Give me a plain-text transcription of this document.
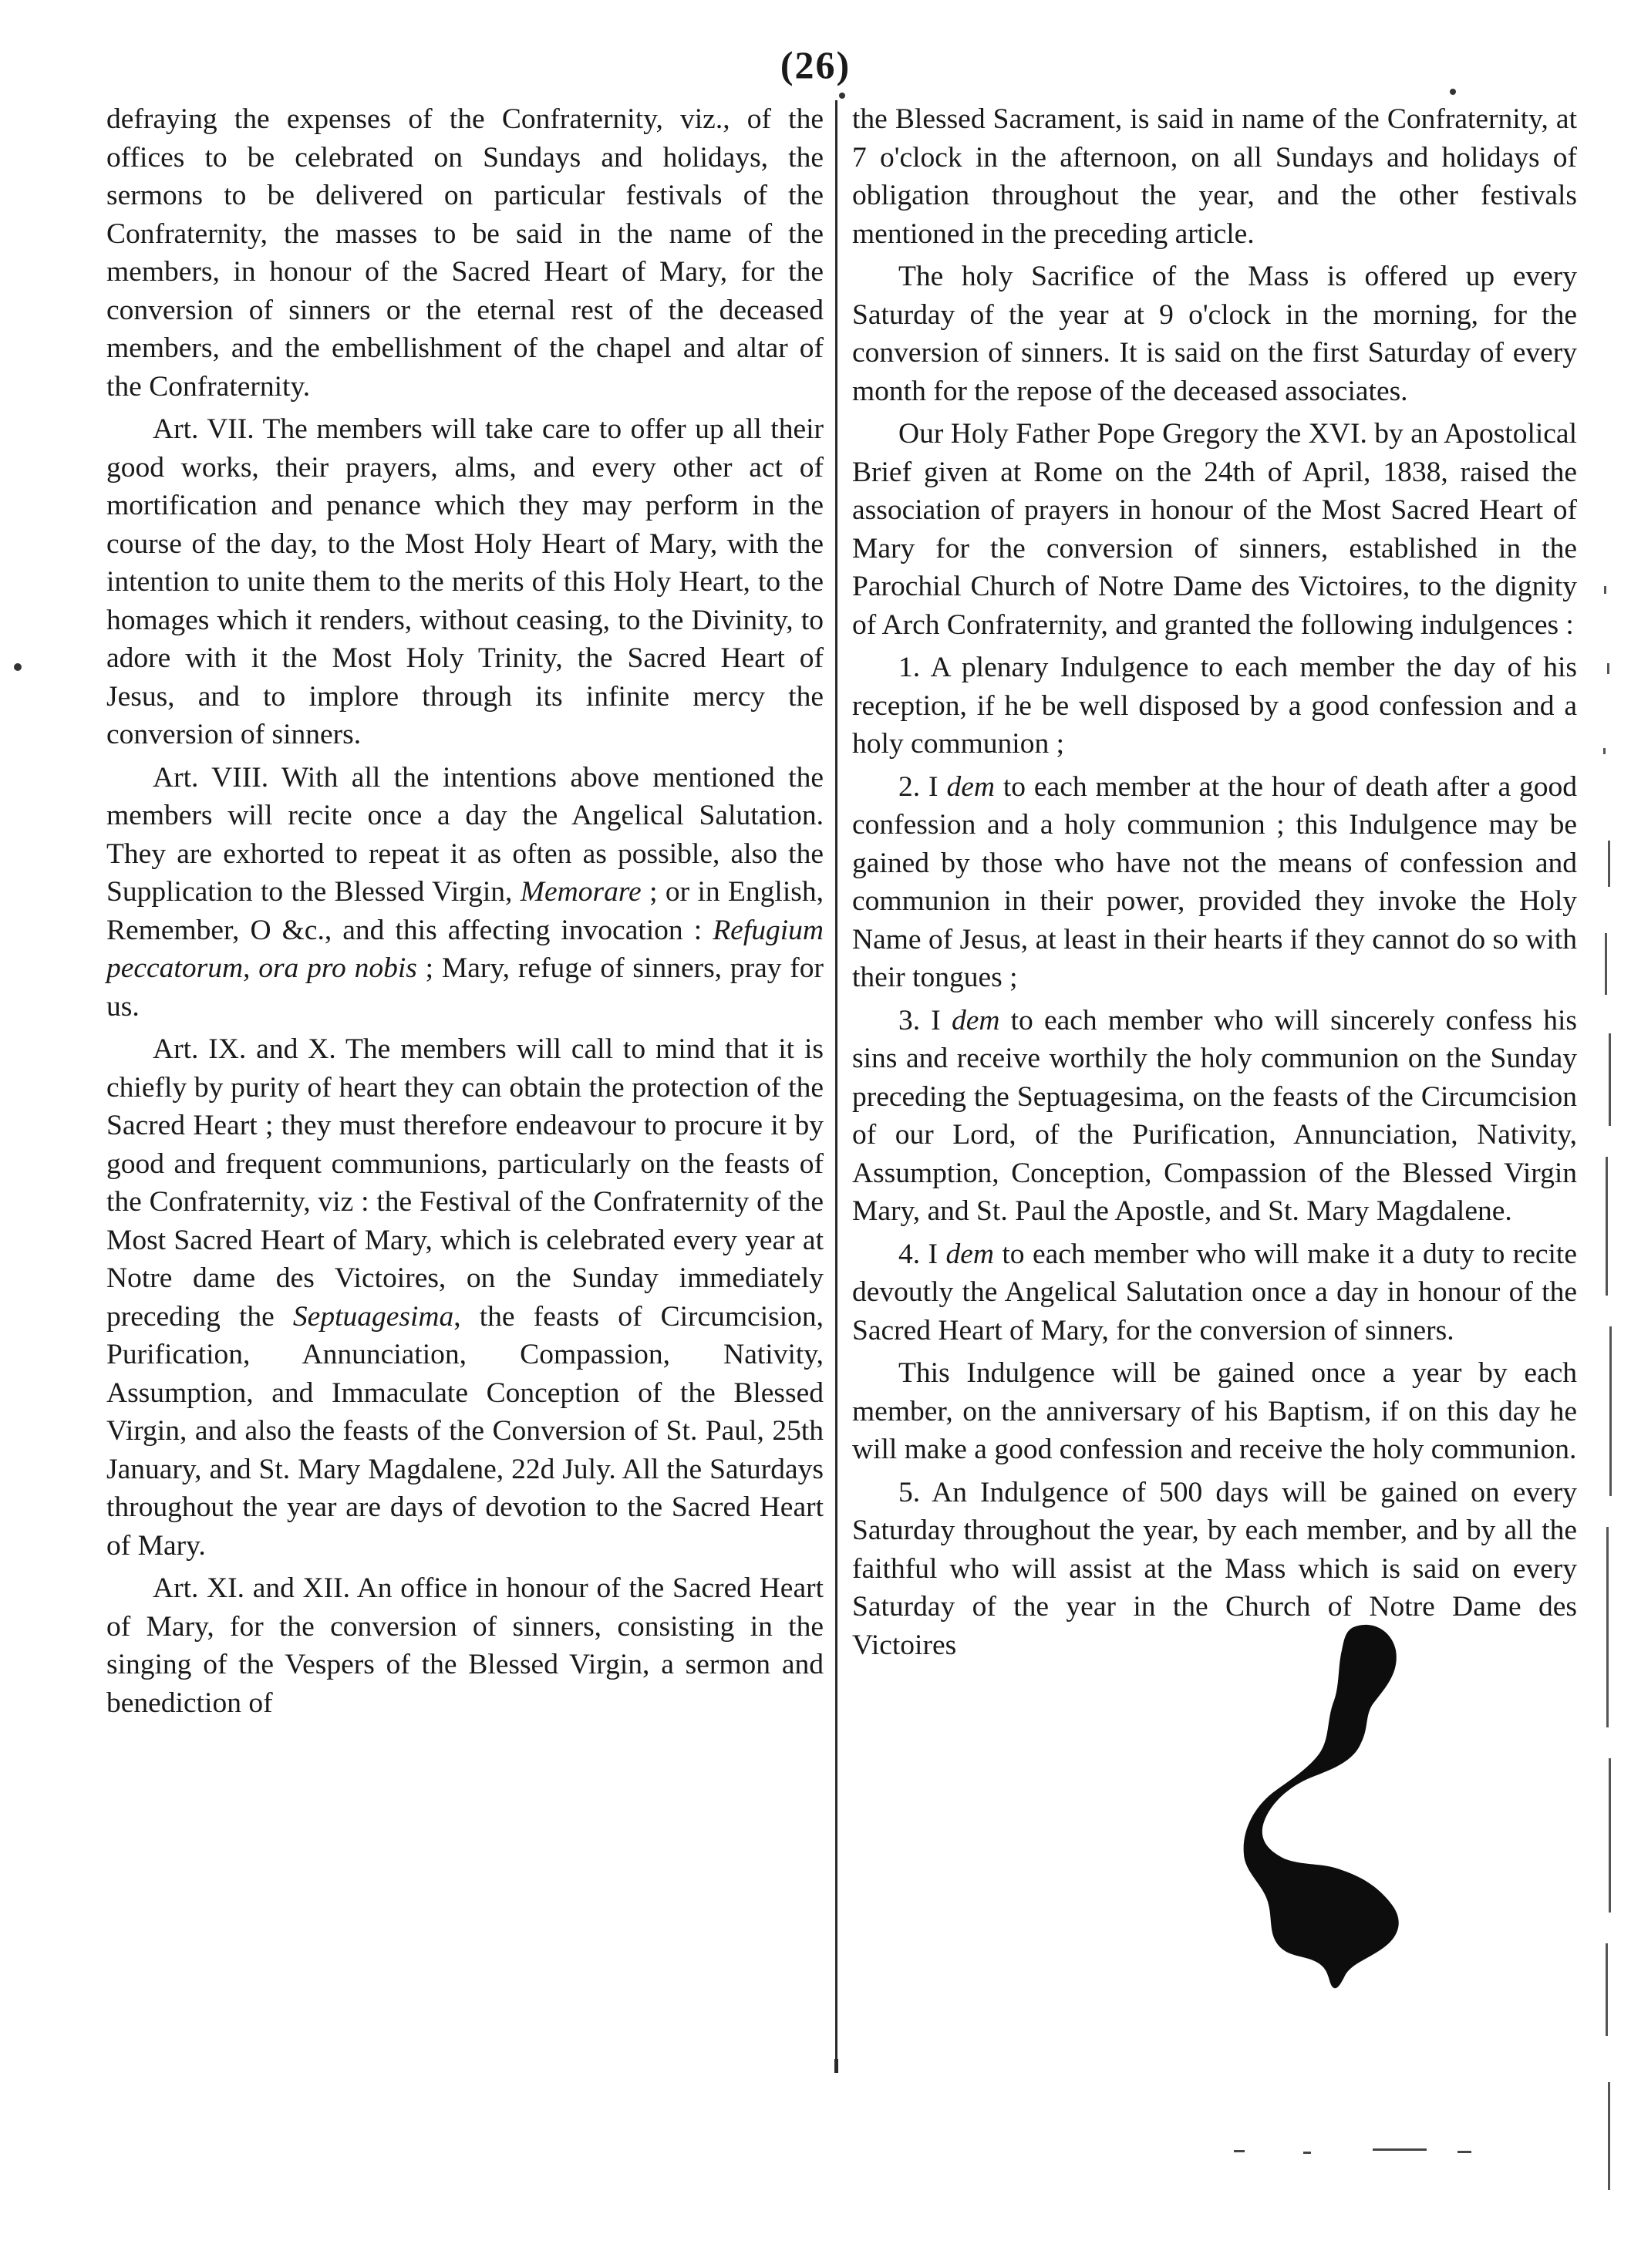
(26)

defraying the expenses of the Confraternity, viz., of the offices to be celebrated on Sundays and holidays, the sermons to be delivered on particular festivals of the Confraternity, the masses to be said in the name of the members, in honour of the Sacred Heart of Mary, for the conversion of sinners or the eternal rest of the deceased members, and the embellishment of the chapel and altar of the Confraternity.

Art. VII. The members will take care to offer up all their good works, their prayers, alms, and every other act of mortification and penance which they may perform in the course of the day, to the Most Holy Heart of Mary, with the intention to unite them to the merits of this Holy Heart, to the homages which it renders, without ceasing, to the Divinity, to adore with it the Most Holy Trinity, the Sacred Heart of Jesus, and to implore through its infinite mercy the conversion of sinners.

Art. VIII. With all the intentions above mentioned the members will recite once a day the Angelical Salutation. They are exhorted to repeat it as often as possible, also the Supplication to the Blessed Virgin, Memorare ; or in English, Remember, O &c., and this affecting invocation : Refugium peccatorum, ora pro nobis ; Mary, refuge of sinners, pray for us.

Art. IX. and X. The members will call to mind that it is chiefly by purity of heart they can obtain the protection of the Sacred Heart ; they must therefore endeavour to procure it by good and frequent communions, particularly on the feasts of the Confraternity, viz : the Festival of the Confraternity of the Most Sacred Heart of Mary, which is celebrated every year at Notre dame des Victoires, on the Sunday immediately preceding the Septuagesima, the feasts of Circumcision, Purification, Annunciation, Compassion, Nativity, Assumption, and Immaculate Conception of the Blessed Virgin, and also the feasts of the Conversion of St. Paul, 25th January, and St. Mary Magdalene, 22d July. All the Saturdays throughout the year are days of devotion to the Sacred Heart of Mary.

Art. XI. and XII. An office in honour of the Sacred Heart of Mary, for the conversion of sinners, consisting in the singing of the Vespers of the Blessed Virgin, a sermon and benediction of

the Blessed Sacrament, is said in name of the Confraternity, at 7 o'clock in the afternoon, on all Sundays and holidays of obligation throughout the year, and the other festivals mentioned in the preceding article.

The holy Sacrifice of the Mass is offered up every Saturday of the year at 9 o'clock in the morning, for the conversion of sinners. It is said on the first Saturday of every month for the repose of the deceased associates.

Our Holy Father Pope Gregory the XVI. by an Apostolical Brief given at Rome on the 24th of April, 1838, raised the association of prayers in honour of the Most Sacred Heart of Mary for the conversion of sinners, established in the Parochial Church of Notre Dame des Victoires, to the dignity of Arch Confraternity, and granted the following indulgences :

1. A plenary Indulgence to each member the day of his reception, if he be well disposed by a good confession and a holy communion ;

2. I dem to each member at the hour of death after a good confession and a holy communion ; this Indulgence may be gained by those who have not the means of confession and communion in their power, provided they invoke the Holy Name of Jesus, at least in their hearts if they cannot do so with their tongues ;

3. I dem to each member who will sincerely confess his sins and receive worthily the holy communion on the Sunday preceding the Septuagesima, on the feasts of the Circumcision of our Lord, of the Purification, Annunciation, Nativity, Assumption, Conception, Compassion of the Blessed Virgin Mary, and St. Paul the Apostle, and St. Mary Magdalene.

4. I dem to each member who will make it a duty to recite devoutly the Angelical Salutation once a day in honour of the Sacred Heart of Mary, for the conversion of sinners.

This Indulgence will be gained once a year by each member, on the anniversary of his Baptism, if on this day he will make a good confession and receive the holy communion.

5. An Indulgence of 500 days will be gained on every Saturday throughout the year, by each member, and by all the faithful who will assist at the Mass which is said on every Saturday of the year in the Church of Notre Dame des Victoires
